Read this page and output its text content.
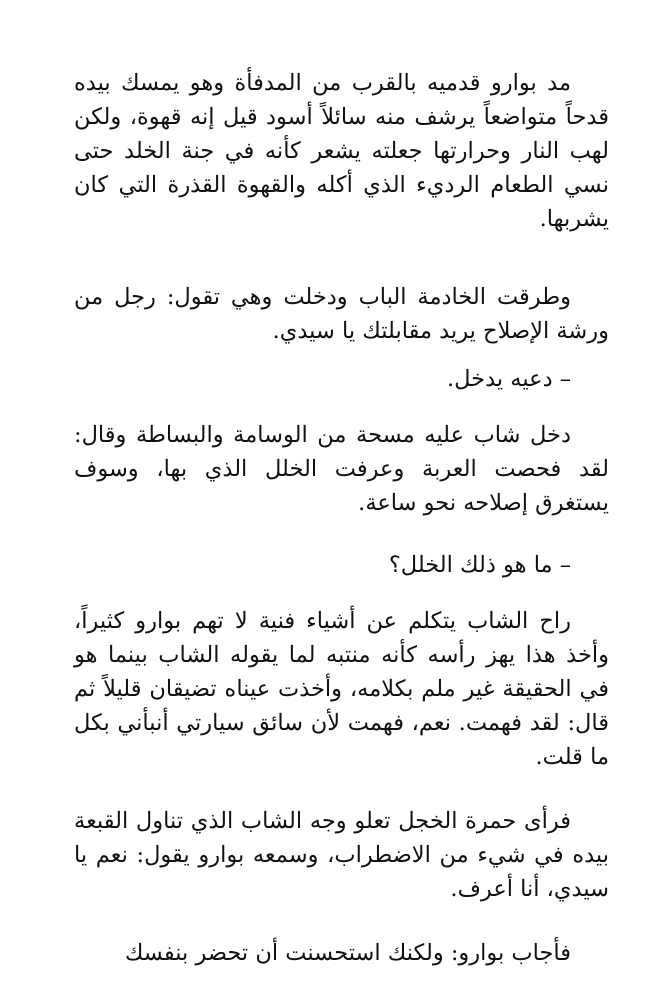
مد بوارو قدميه بالقرب من المدفأة وهو يمسك بيده قدحاً متواضعاً يرشف منه سائلاً أسود قيل إنه قهوة، ولكن لهب النار وحرارتها جعلته يشعر كأنه في جنة الخلد حتى نسي الطعام الرديء الذي أكله والقهوة القذرة التي كان يشربها.

وطرقت الخادمة الباب ودخلت وهي تقول: رجل من ورشة الإصلاح يريد مقابلتك يا سيدي.

– دعيه يدخل.

دخل شاب عليه مسحة من الوسامة والبساطة وقال: لقد فحصت العربة وعرفت الخلل الذي بها، وسوف يستغرق إصلاحه نحو ساعة.

– ما هو ذلك الخلل؟

راح الشاب يتكلم عن أشياء فنية لا تهم بوارو كثيراً، وأخذ هذا يهز رأسه كأنه منتبه لما يقوله الشاب بينما هو في الحقيقة غير ملم بكلامه، وأخذت عيناه تضيقان قليلاً ثم قال: لقد فهمت. نعم، فهمت لأن سائق سيارتي أنبأني بكل ما قلت.

فرأى حمرة الخجل تعلو وجه الشاب الذي تناول القبعة بيده في شيء من الاضطراب، وسمعه بوارو يقول: نعم يا سيدي، أنا أعرف.

فأجاب بوارو: ولكنك استحسنت أن تحضر بنفسك
